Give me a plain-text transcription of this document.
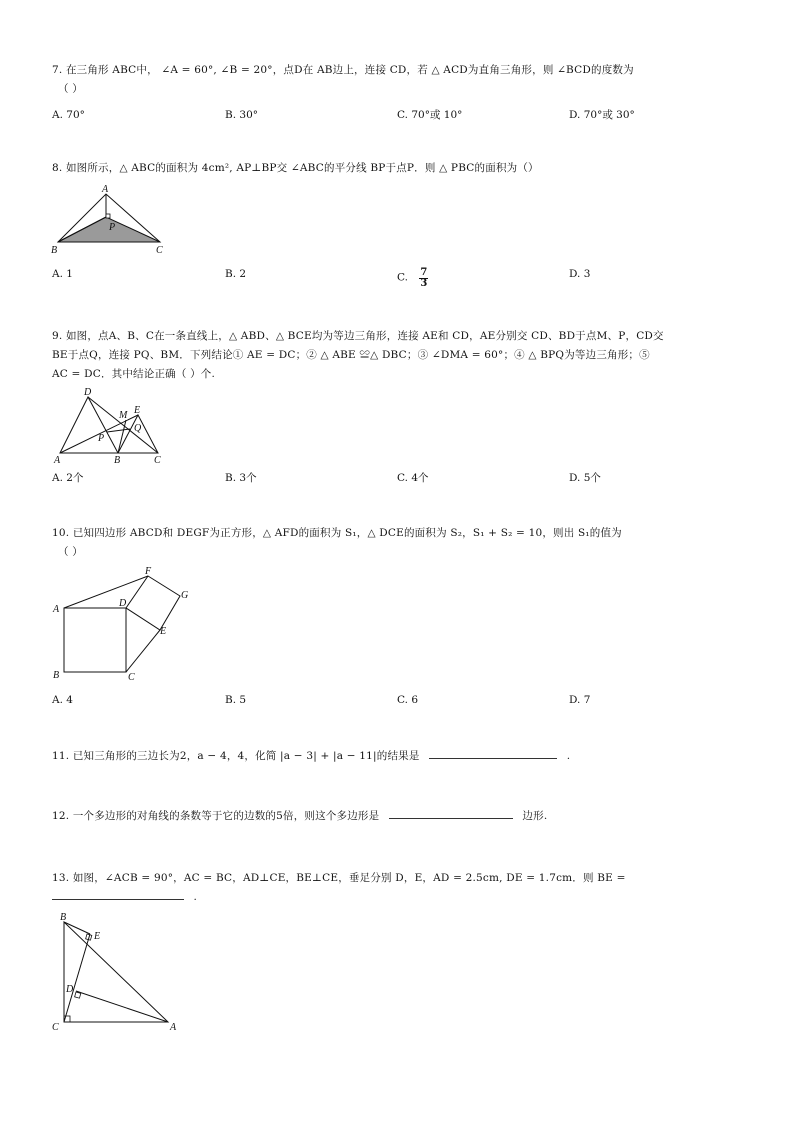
7. 在三角形 ABC中， ∠A = 60°, ∠B = 20°，点D在 AB边上，连接 CD，若 △ ACD为直角三角形，则 ∠BCD的度数为
（ ）
A. 70°	B. 30°	C. 70°或 10°	D. 70°或 30°
8. 如图所示，△ ABC的面积为 4cm², AP⊥BP交 ∠ABC的平分线 BP于点P．则 △ PBC的面积为（）
A
B	C
P
A. 1	B. 2	C. $\frac{7}{3}$	D. 3
9. 如图，点A、B、C在一条直线上，△ ABD、△ BCE均为等边三角形，连接 AE和 CD，AE分别交 CD、BD于点M、P，CD交
BE于点Q，连接 PQ、BM．下列结论① AE = DC；② △ ABE ≌△ DBC；③ ∠DMA = 60°；④ △ BPQ为等边三角形；⑤
AC = DC．其中结论正确（ ）个.
D
E
M
P
Q
A	B	C
A. 2个	B. 3个	C. 4个	D. 5个
10. 已知四边形 ABCD和 DEGF为正方形，△ AFD的面积为 S₁，△ DCE的面积为 S₂，S₁ + S₂ = 10，则出 S₁的值为
（ ）
A
B	C
D
E
F
G
A. 4	B. 5	C. 6	D. 7
11. 已知三角形的三边长为2，a − 4，4，化简 |a − 3| + |a − 11|的结果是	.
12. 一个多边形的对角线的条数等于它的边数的5倍，则这个多边形是	边形.
13. 如图，∠ACB = 90°，AC = BC，AD⊥CE，BE⊥CE，垂足分别 D，E，AD = 2.5cm, DE = 1.7cm．则 BE =
.
B
E
D
C	A
